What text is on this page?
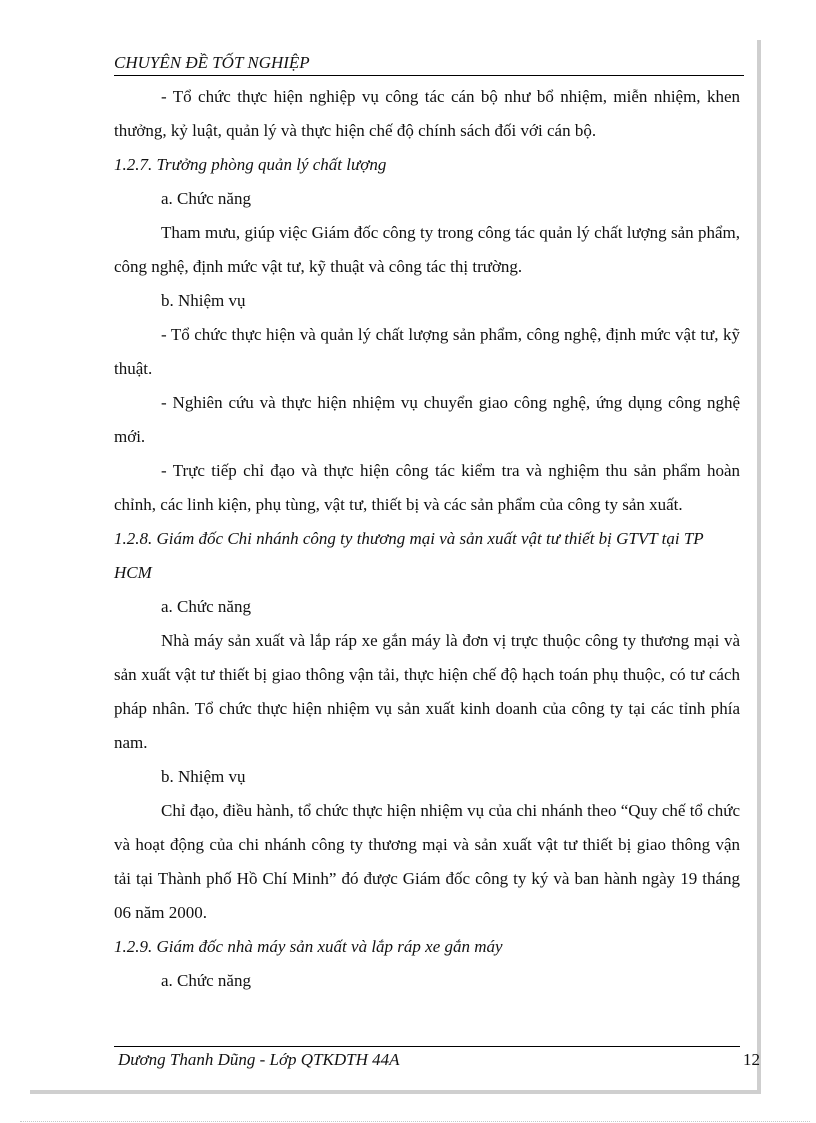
CHUYÊN ĐỀ TỐT NGHIỆP

- Tổ chức thực hiện nghiệp vụ công tác cán bộ như bổ nhiệm, miễn nhiệm, khen thưởng, kỷ luật, quản lý và thực hiện chế độ chính sách đối với cán bộ.

1.2.7. Trưởng phòng quản lý chất lượng

a. Chức năng

Tham mưu, giúp việc Giám đốc công ty trong công tác quản lý chất lượng sản phẩm, công nghệ, định mức vật tư, kỹ thuật và công tác thị trường.

b. Nhiệm vụ

- Tổ chức thực hiện và quản lý chất lượng sản phẩm, công nghệ, định mức vật tư, kỹ thuật.

- Nghiên cứu và thực hiện nhiệm vụ chuyển giao công nghệ, ứng dụng công nghệ mới.

- Trực tiếp chỉ đạo và thực hiện công tác kiểm tra và nghiệm thu sản phẩm hoàn chỉnh, các linh kiện, phụ tùng, vật tư, thiết bị và các sản phẩm của công ty sản xuất.

1.2.8. Giám đốc Chi nhánh công ty thương mại và sản xuất vật tư thiết bị GTVT tại TP HCM

a. Chức năng

Nhà máy sản xuất và lắp ráp xe gắn máy là đơn vị trực thuộc công ty thương mại và sản xuất vật tư thiết bị giao thông vận tải, thực hiện chế độ hạch toán phụ thuộc, có tư cách pháp nhân. Tổ chức thực hiện nhiệm vụ sản xuất kinh doanh của công ty tại các tỉnh phía nam.

b. Nhiệm vụ

Chỉ đạo, điều hành, tổ chức thực hiện nhiệm vụ của chi nhánh theo “Quy chế tổ chức và hoạt động của chi nhánh công ty thương mại và sản xuất vật tư thiết bị giao thông vận tải tại Thành phố Hồ Chí Minh” đó được Giám đốc công ty ký và ban hành ngày 19 tháng 06 năm 2000.

1.2.9. Giám đốc nhà máy sản xuất và lắp ráp xe gắn máy

a. Chức năng

Dương Thanh Dũng - Lớp QTKDTH 44A	12
